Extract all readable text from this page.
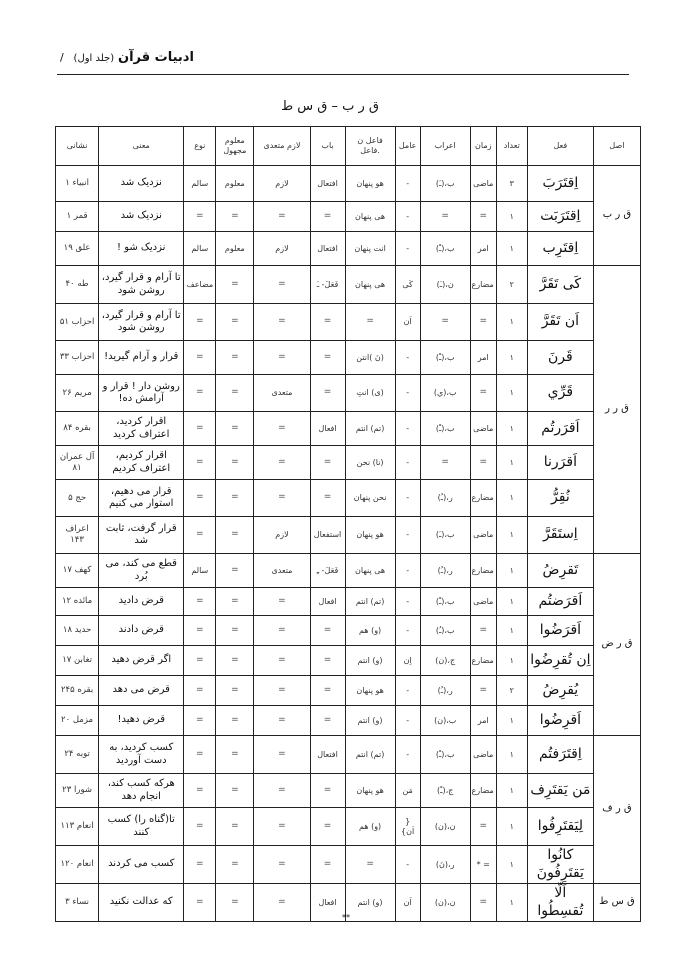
ادبیات قرآن (جلد اول) /
ق ر ب – ق س ط
اصل	فعل	تعداد	زمان	اعراب	عامل	فاعل ن .فاعل	باب	لازم متعدی	معلوم مجهول	نوع	معنی	نشانی
ق ر ب	اِقتَرَبَ	۳	ماضی	ب،(ـَ)	-	هو پنهان	افتعال	لازم	معلوم	سالم	نزدیک شد	انبیاء ۱
	اِقتَرَبَت	۱	=	=	-	هی پنهان	=	=	=	=	نزدیک شد	قمر ۱
	اِقتَرِب	۱	امر	ب،(ـْ)	-	انت پنهان	افتعال	لازم	معلوم	سالم	نزدیک شو !	علق ۱۹
ق ر ر	کَی تَقَرَّ	۲	مضارع	ن،(ـَ)	کَی	هی پنهان	فَعَلَ- ـَ	=	=	مضاعف	تا آرام و قرار گیرد، روشن شود	طه ۴۰
	اَن تَقَرَّ	۱	=	=	اَن	=	=	=	=	=	تا آرام و قرار گیرد، روشن شود	احزاب ۵۱
	قَرنَ	۱	امر	ب،(ـْ)	-	(نَ )انتن	=	=	=	=	قرار و آرام گیرید!	احزاب ۳۳
	قَرِّي	۱	=	ب،(ي)	-	(ی) انتِ	=	متعدی	=	=	روشن دار ! قرار و آرامش ده!	مریم ۲۶
	اَقرَرتُم	۱	ماضی	ب،(ـْ)	-	(تم) انتم	افعال	=	=	=	اقرار کردید، اعتراف کردید	بقره ۸۴
	اَقرَرنا	۱	=	=	-	(نا) نحن	=	=	=	=	اقرار کردیم، اعتراف کردیم	آل عمران ۸۱
	نُقِرُّ	۱	مضارع	ر،(ـُ)	-	نحن پنهان	=	=	=	=	قرار می دهیم، استوار می کنیم	حج ۵
	اِستَقَرَّ	۱	ماضی	ب،(ـَ)	-	هو پنهان	استفعال	لازم	=	=	قرار گرفت، ثابت شد	اعراف ۱۴۳
ق ر ض	تَقرِضُ	۱	مضارع	ر،(ـُ)	-	هی پنهان	فَعَلَ- ـِ	متعدی	=	سالم	قطع می کند، می بُرد	کهف ۱۷
	اَقرَضتُم	۱	ماضی	ب،(ـْ)	-	(تم) انتم	افعال	=	=	=	قرض دادید	مائده ۱۲
	اَقرَضُوا	۱	=	ب،(ـُ)	-	(و) هم	=	=	=	=	قرض دادند	حدید ۱۸
	اِن تُقرِضُوا	۱	مضارع	ج،(ن)	اِن	(و) انتم	=	=	=	=	اگر قرض دهید	تغابن ۱۷
	یُقرِضُ	۲	=	ر،(ـُ)	-	هو پنهان	=	=	=	=	قرض می دهد	بقره ۲۴۵
	اَقرِضُوا	۱	امر	ب،(ن)	-	(و) انتم	=	=	=	=	قرض دهید!	مزمل ۲۰
ق ر ف	اِقتَرَفتُم	۱	ماضی	ب،(ـْ)	-	(تم) انتم	افتعال	=	=	=	کسب کردید، به دست آوردید	توبه ۲۴
	مَن یَقتَرِف	۱	مضارع	ج،(ـْ)	مَن	هو پنهان	=	=	=	=	هرکه کسب کند، انجام دهد	شورا ۲۳
	لِیَقتَرِفُوا	۱	=	ن،(ن)	{ اَن}	(و) هم	=	=	=	=	تا(گناه را) کسب کنند	انعام ۱۱۳
	کانُوا یَقتَرِفُونَ	۱	= *	ر،(نَ)	-	=	=	=	=	=	کسب می کردند	انعام ۱۲۰
ق س ط	اَلّا تُقسِطُوا	۱	=	ن،(ن)	اَن	(و) انتم	افعال	=	=	=	که عدالت نکنید	نساء ۳
**
